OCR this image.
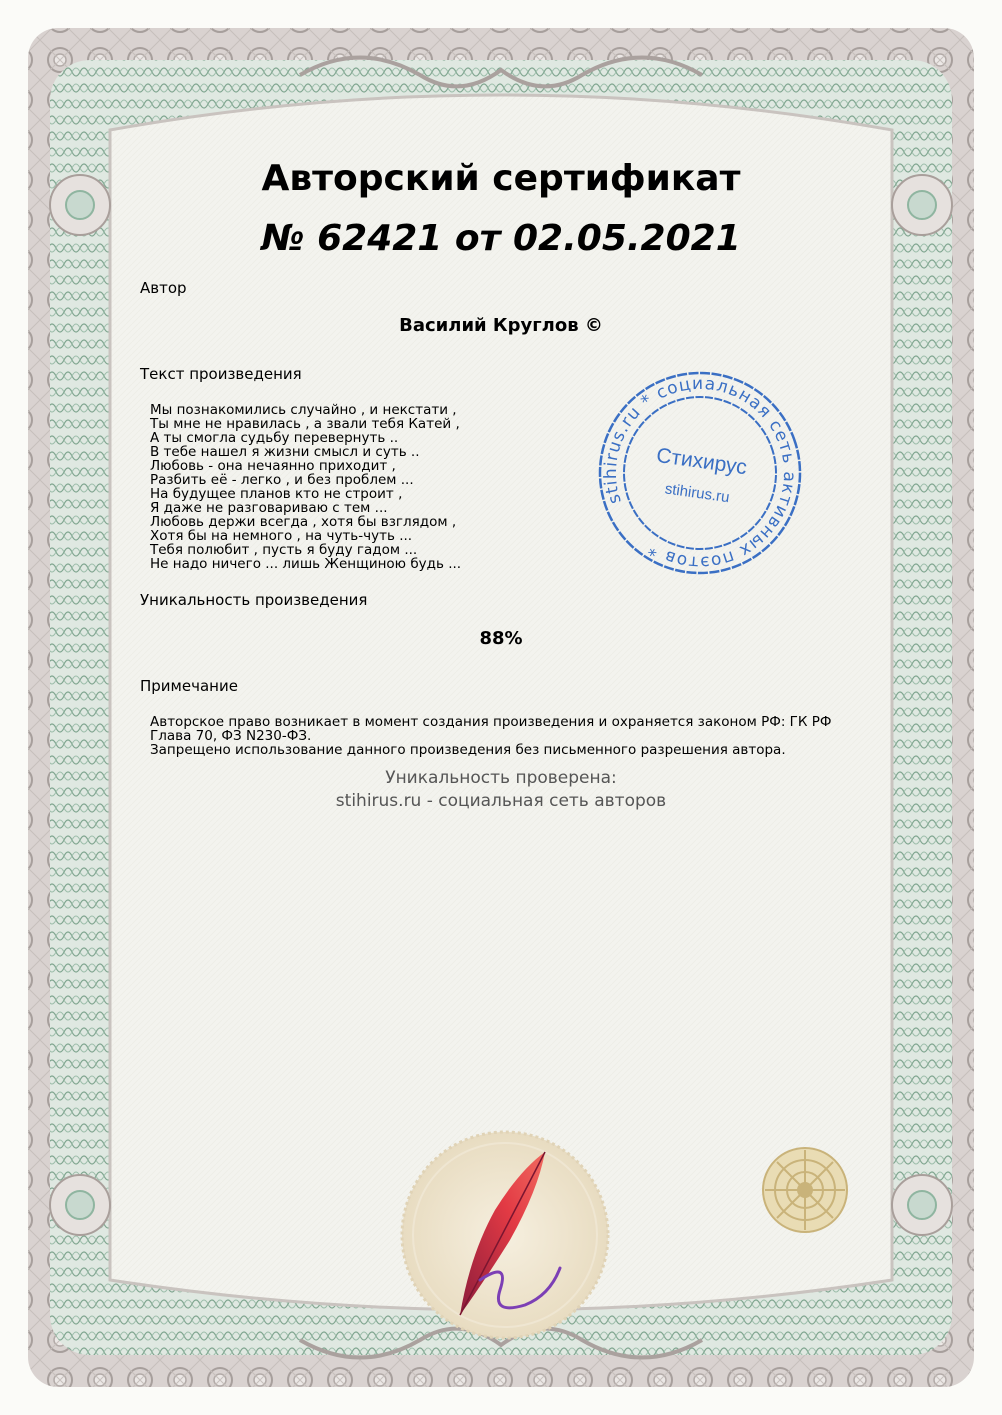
Авторский сертификат
№ 62421 от 02.05.2021
Автор
Василий Круглов ©
Текст произведения
Мы познакомились случайно , и некстати ,
Ты мне не нравилась , а звали тебя Катей ,
А ты смогла судьбу перевернуть ..
В тебе нашел я жизни смысл и суть ..
Любовь - она нечаянно приходит ,
Разбить её - легко , и без проблем ...
На будущее планов кто не строит ,
Я даже не разговариваю с тем ...
Любовь держи всегда , хотя бы взглядом ,
Хотя бы на немного , на чуть-чуть ...
Тебя полюбит , пусть я буду гадом ...
Не надо ничего ... лишь Женщиною будь ...
Уникальность произведения
88%
Примечание

Авторское право возникает в момент создания произведения и охраняется законом РФ: ГК РФ Глава 70, ФЗ N230-ФЗ.

Запрещено использование данного произведения без письменного разрешения автора.

Уникальность проверена:
stihirus.ru - социальная сеть авторов
stihirus.ru * социальная сеть активных поэтов *
Стихирус
stihirus.ru
